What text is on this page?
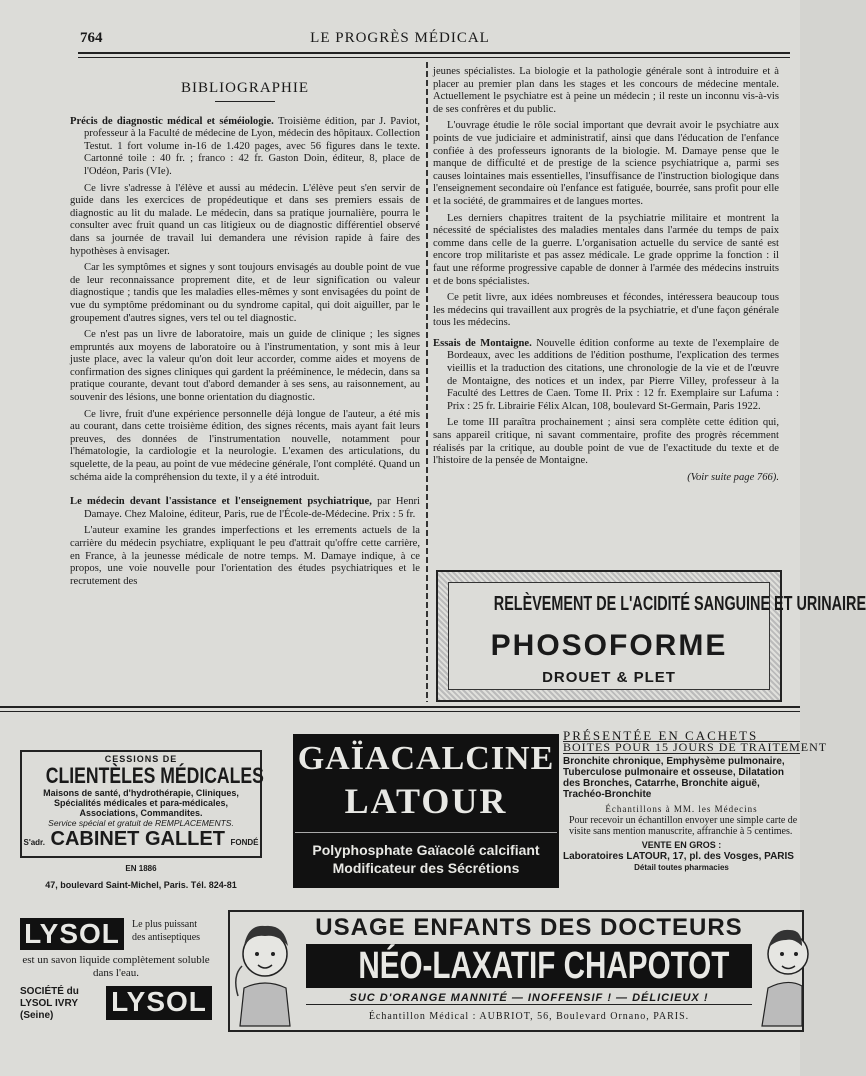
764	LE PROGRÈS MÉDICAL
BIBLIOGRAPHIE

Précis de diagnostic médical et séméiologie. Troisième édition, par J. Paviot, professeur à la Faculté de médecine de Lyon, médecin des hôpitaux. Collection Testut. 1 fort volume in-16 de 1.420 pages, avec 56 figures dans le texte. Cartonné toile : 40 fr. ; franco : 42 fr. Gaston Doin, éditeur, 8, place de l'Odéon, Paris (VIe).

Ce livre s'adresse à l'élève et aussi au médecin. L'élève peut s'en servir de guide dans les exercices de propédeutique et dans ses premiers essais de diagnostic au lit du malade. Le médecin, dans sa pratique journalière, pourra le consulter avec fruit quand un cas litigieux ou de diagnostic différentiel observé dans sa journée de travail lui demandera une révision rapide à faire des hypothèses à envisager.

Car les symptômes et signes y sont toujours envisagés au double point de vue de leur reconnaissance proprement dite, et de leur signification ou valeur diagnostique ; tandis que les maladies elles-mêmes y sont envisagées du point de vue du symptôme prédominant ou du syndrome capital, qui doit aiguiller, par le groupement d'autres signes, vers tel ou tel diagnostic.

Ce n'est pas un livre de laboratoire, mais un guide de clinique ; les signes empruntés aux moyens de laboratoire ou à l'instrumentation, y sont mis à leur juste place, avec la valeur qu'on doit leur accorder, comme aides et moyens de confirmation des signes cliniques qui gardent la prééminence, le médecin, dans sa pratique courante, devant tout d'abord demander à ses sens, au raisonnement, au souvenir des lésions, une bonne orientation du diagnostic.

Ce livre, fruit d'une expérience personnelle déjà longue de l'auteur, a été mis au courant, dans cette troisième édition, des signes récents, mais ayant fait leurs preuves, des données de l'instrumentation nouvelle, notamment pour l'hématologie, la cardiologie et la neurologie. L'examen des articulations, du squelette, de la peau, au point de vue médecine générale, l'ont complété. Quand un schéma aide la compréhension du texte, il y a été introduit.

Le médecin devant l'assistance et l'enseignement psychiatrique, par Henri Damaye. Chez Maloine, éditeur, Paris, rue de l'École-de-Médecine. Prix : 5 fr.

L'auteur examine les grandes imperfections et les errements actuels de la carrière du médecin psychiatre, expliquant le peu d'attrait qu'offre cette carrière, en France, à la jeunesse médicale de notre temps. M. Damaye indique, à ce propos, une voie nouvelle pour l'orientation des études psychiatriques et le recrutement des

jeunes spécialistes. La biologie et la pathologie générale sont à introduire et à placer au premier plan dans les stages et les concours de médecine mentale. Actuellement le psychiatre est à peine un médecin ; il reste un inconnu vis-à-vis de ses confrères et du public.

L'ouvrage étudie le rôle social important que devrait avoir le psychiatre aux points de vue judiciaire et administratif, ainsi que dans l'éducation de l'enfance confiée à des professeurs ignorants de la biologie. M. Damaye pense que le manque de difficulté et de prestige de la science psychiatrique a, parmi ses causes lointaines mais essentielles, l'insuffisance de l'instruction biologique dans l'enseignement secondaire où l'enfance est fatiguée, bourrée, sans profit pour elle et la société, de grammaires et de langues mortes.

Les derniers chapitres traitent de la psychiatrie militaire et montrent la nécessité de spécialistes des maladies mentales dans l'armée du temps de paix comme dans celle de la guerre. L'organisation actuelle du service de santé est encore trop militariste et pas assez médicale. Le grade opprime la fonction : il faut une réforme progressive capable de donner à l'armée des médecins instruits et de bons spécialistes.

Ce petit livre, aux idées nombreuses et fécondes, intéressera beaucoup tous les médecins qui travaillent aux progrès de la psychiatrie, et d'une façon générale tous les médecins.

Essais de Montaigne. Nouvelle édition conforme au texte de l'exemplaire de Bordeaux, avec les additions de l'édition posthume, l'explication des termes vieillis et la traduction des citations, une chronologie de la vie et de l'œuvre de Montaigne, des notices et un index, par Pierre Villey, professeur à la Faculté des Lettres de Caen. Tome II. Prix : 12 fr. Exemplaire sur Lafuma : Prix : 25 fr. Librairie Félix Alcan, 108, boulevard St-Germain, Paris 1922.

Le tome III paraîtra prochainement ; ainsi sera complète cette édition qui, sans appareil critique, ni savant commentaire, profite des progrès récemment réalisés par la critique, au double point de vue de l'exactitude du texte et de l'histoire de la pensée de Montaigne.

(Voir suite page 766).

RELÈVEMENT DE L'ACIDITÉ SANGUINE ET URINAIRE
PHOSOFORME
DROUET & PLET
CESSIONS DE
CLIENTÈLES MÉDICALES
Maisons de santé, d'hydrothérapie, Cliniques, Spécialités médicales et para-médicales, Associations, Commandites.
Service spécial et gratuit de REMPLACEMENTS.
S'adr. CABINET GALLET FONDÉ EN 1886
47, boulevard Saint-Michel, Paris. Tél. 824-81
GAÏACALCINE
LATOUR
Polyphosphate Gaïacolé calcifiant
Modificateur des Sécrétions
PRÉSENTÉE EN CACHETS
BOITES POUR 15 JOURS DE TRAITEMENT
Bronchite chronique, Emphysème pulmonaire, Tuberculose pulmonaire et osseuse, Dilatation des Bronches, Catarrhe, Bronchite aiguë, Trachéo-Bronchite
Échantillons à MM. les Médecins
Pour recevoir un échantillon envoyer une simple carte de visite sans mention manuscrite, affranchie à 5 centimes.
VENTE EN GROS :
Laboratoires LATOUR, 17, pl. des Vosges, PARIS
Détail toutes pharmacies
LYSOL	Le plus puissant des antiseptiques
est un savon liquide complètement soluble dans l'eau.
SOCIÉTÉ du LYSOL IVRY (Seine)	LYSOL
USAGE ENFANTS DES DOCTEURS
NÉO-LAXATIF CHAPOTOT
SUC D'ORANGE MANNITÉ — INOFFENSIF ! — DÉLICIEUX !
Échantillon Médical : AUBRIOT, 56, Boulevard Ornano, PARIS.
